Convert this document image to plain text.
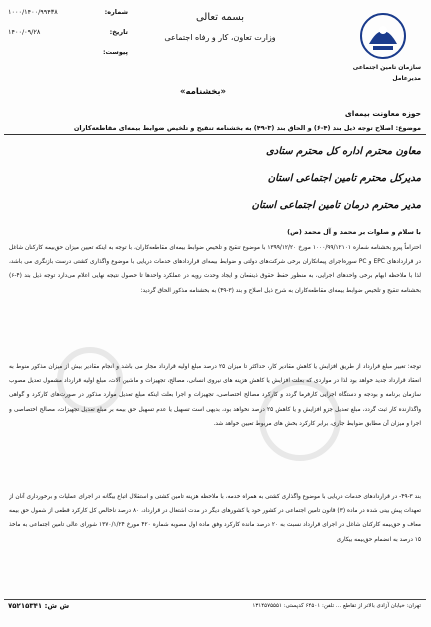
شماره:
۱۰۰۰/۱۴۰۰/۹۹۴۳۸
تاریخ:
۱۴۰۰/۰۹/۲۸
پیوست:
بسمه تعالی
وزارت تعاون، کار و رفاه اجتماعی
سازمان تامین اجتماعی
مدیرعامل
«بخشنامه»
حوزه معاونت بیمه‌ای
موضوع: اصلاح توجه ذیل بند (۴-۶) و الحاق بند (۳-۴۹) به بخشنامه تنقیح و تلخیص ضوابط بیمه‌ای مقاطعه‌کاران
معاون محترم اداره کل محترم ستادی
مدیرکل محترم تامین اجتماعی استان
مدیر محترم درمان تامین اجتماعی استان
با سلام و صلوات بر محمد و آل محمد (ص)
احتراماً پیرو بخشنامه شماره ۱۰۰۰/۹۹/۱۲۱۰۱ مورخ ۱۳۹۹/۱۲/۲۰ با موضوع تنقیح و تلخیص ضوابط بیمه‌ای مقاطعه‌کاران، با توجه به اینکه تعیین میزان حق‌بیمه کارکنان شاغل در قراردادهای EPC و PC سوره‌اجرای پیمانکاران برخی شرکت‌های دولتی و ضوابط بیمه‌ای قراردادهای خدمات دریایی با موضوع واگذاری کشتی درست بازنگری می باشد، لذا با ملاحظه ابهام برخی واحدهای اجرایی، به منظور حفظ حقوق ذینفعان و ایجاد وحدت رویه در عملکرد واحدها تا حصول نتیجه نهایی اعلام می‌دارد توجه ذیل بند (۴-۶) بخشنامه تنقیح و تلخیص ضوابط بیمه‌ای مقاطعه‌کاران به شرح ذیل اصلاح و بند (۳-۴۹) به بخشنامه مذکور الحاق گردید:
توجه: تغییر مبلغ قرارداد از طریق افزایش یا کاهش مقادیر کار، حداکثر تا میزان ۲۵ درصد مبلغ اولیه قرارداد مجاز می باشد و انجام مقادیر بیش از میزان مذکور منوط به انعقاد قرارداد جدید خواهد بود لذا در مواردی که بعلت افزایش یا کاهش هزینه های نیروی انسانی، مصالح، تجهیزات و ماشین آلات، مبلغ اولیه قرارداد مشمول تعدیل مصوب سازمان برنامه و بودجه و دستگاه اجرایی کارفرما گردد و کارکرد مصالح اختصاصی، تجهیزات و اجرا بعلت اینکه مبلغ تعدیل موارد مذکور در صورت‌های کارکرد و گواهی واگذارنده کار ثبت گردد، مبلغ تعدیل جزو افزایش و یا کاهش ۲۵ درصد نخواهد بود، بدیهی است تسهیل یا عدم تسهیل حق بیمه بر مبلغ تعدیل تجهیزات، مصالح اختصاصی و اجرا و میزان آن مطابق ضوابط جاری، برابر کارکرد بخش های مربوط تعیین خواهد شد.
بند ۳-۴۹- در قراردادهای خدمات دریایی با موضوع واگذاری کشتی به همراه خدمه، با ملاحظه هزینه تامین کشتی و استقلال اتباع بیگانه در اجرای عملیات و برخورداری آنان از تعهدات پیش بینی شده در ماده (۳) قانون تامین اجتماعی در کشور خود یا کشورهای دیگر در مدت اشتغال در قرارداد، ۸۰ درصد ناخالص کل کارکرد قطعی از شمول حق بیمه معاف و حق‌بیمه کارکنان شاغل در اجرای قرارداد نسبت به ۲۰ درصد مانده کارکرد وفق ماده اول مصوبه شماره ۴۲۰ مورخ ۱۳۷۰/۱/۲۴ شورای عالی تامین اجتماعی به ماخذ ۱۵ درصد به انضمام حق‌بیمه بیکاری
تهران: خیابان آزادی بالاتر از تقاطع ... تلفن: ۶۴۵۰۱ کدپستی: ۱۳۱۴۵۷۵۵۵۱
ش ش: ۷۵۲۱۵۳۴۱
